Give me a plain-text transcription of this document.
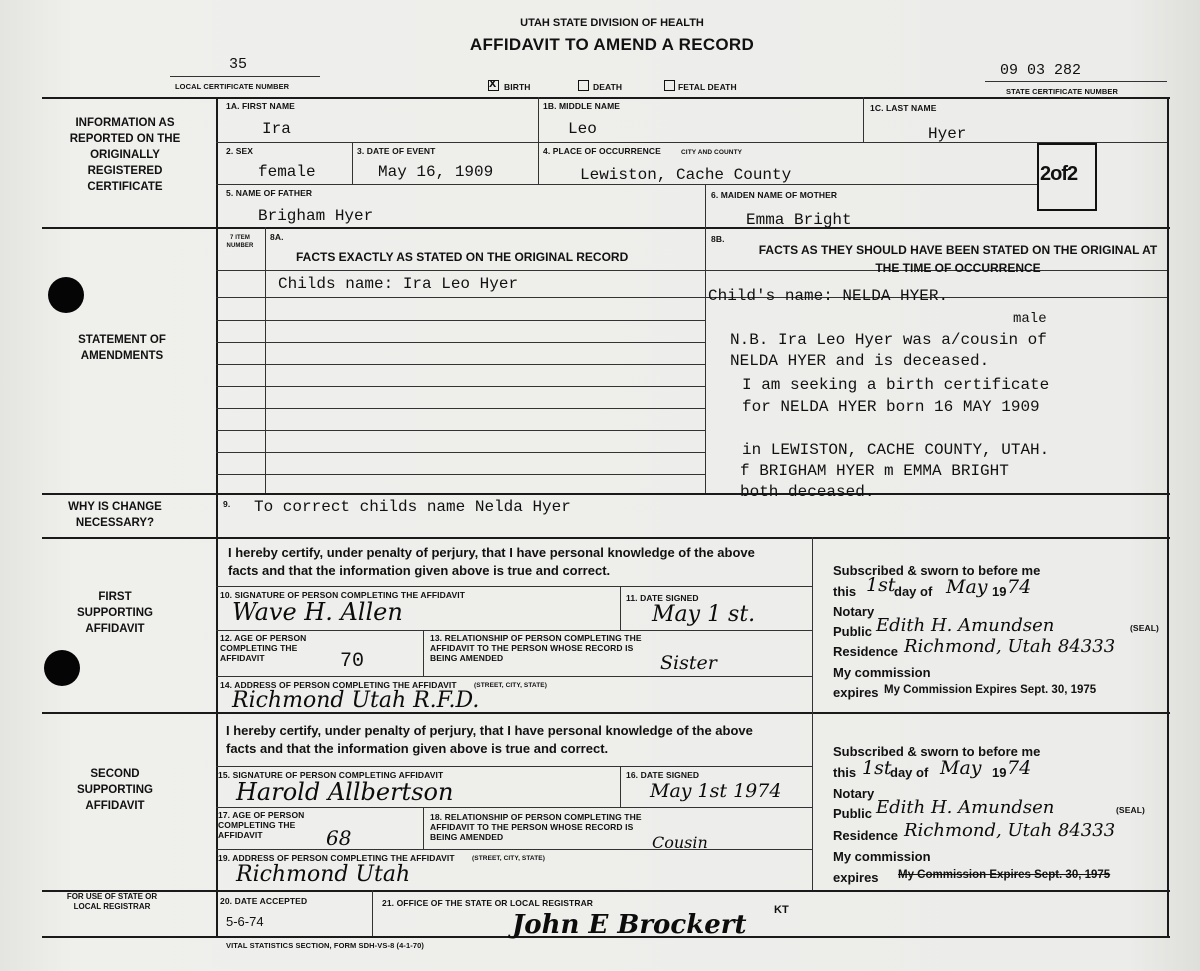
UTAH STATE DIVISION OF HEALTH
AFFIDAVIT TO AMEND A RECORD
35
LOCAL CERTIFICATE NUMBER	x BIRTH	DEATH	FETAL DEATH
09 03 282
STATE CERTIFICATE NUMBER
2of2
INFORMATION AS REPORTED ON THE ORIGINALLY REGISTERED CERTIFICATE
STATEMENT OF AMENDMENTS
WHY IS CHANGE NECESSARY?
FIRST SUPPORTING AFFIDAVIT
SECOND SUPPORTING AFFIDAVIT
FOR USE OF STATE OR LOCAL REGISTRAR
1A. FIRST NAME
Ira
1B. MIDDLE NAME
Leo
1C. LAST NAME
Hyer
2. SEX
female
3. DATE OF EVENT
May 16, 1909
4. PLACE OF OCCURRENCE	CITY AND COUNTY
Lewiston, Cache County
5. NAME OF FATHER
Brigham Hyer
6. MAIDEN NAME OF MOTHER
Emma Bright
7 ITEM NUMBER
8A.
FACTS EXACTLY AS STATED ON THE ORIGINAL RECORD
8B.
FACTS AS THEY SHOULD HAVE BEEN STATED ON THE ORIGINAL AT THE TIME OF OCCURRENCE
Childs name: Ira Leo Hyer
Child's name: NELDA HYER.
male
N.B. Ira Leo Hyer was a/cousin of
NELDA HYER and is deceased.
I am seeking a birth certificate
for NELDA HYER born 16 MAY 1909
in LEWISTON, CACHE COUNTY, UTAH.
f BRIGHAM HYER m EMMA BRIGHT
both deceased.
9. To correct childs name Nelda Hyer
I hereby certify, under penalty of perjury, that I have personal knowledge of the above facts and that the information given above is true and correct.
10. SIGNATURE OF PERSON COMPLETING THE AFFIDAVIT
Wave H. Allen	11. DATE SIGNED
May 1 st.
12. AGE OF PERSON COMPLETING THE AFFIDAVIT	70
13. RELATIONSHIP OF PERSON COMPLETING THE AFFIDAVIT TO THE PERSON WHOSE RECORD IS BEING AMENDED	Sister
14. ADDRESS OF PERSON COMPLETING THE AFFIDAVIT	(STREET, CITY, STATE)
Richmond Utah R.F.D.
Subscribed & sworn to before me
this 1st
day of May 19 74
Notary
Public Edith H. Amundsen	(SEAL)
Residence Richmond, Utah 84333
My commission
expires My Commission Expires Sept. 30, 1975
I hereby certify, under penalty of perjury, that I have personal knowledge of the above facts and that the information given above is true and correct.
15. SIGNATURE OF PERSON COMPLETING AFFIDAVIT
Harold Allbertson
16. DATE SIGNED
May 1st 1974
17. AGE OF PERSON COMPLETING THE AFFIDAVIT	68
18. RELATIONSHIP OF PERSON COMPLETING THE AFFIDAVIT TO THE PERSON WHOSE RECORD IS BEING AMENDED	Cousin
19. ADDRESS OF PERSON COMPLETING THE AFFIDAVIT	(STREET, CITY, STATE)
Richmond Utah
Subscribed & sworn to before me
this 1st
day of May 19 74
Notary
Public Edith H. Amundsen	(SEAL)
Residence Richmond, Utah 84333
My commission
expires My Commission Expires Sept. 30, 1975
20. DATE ACCEPTED
5-6-74
21. OFFICE OF THE STATE OR LOCAL REGISTRAR
John E Brockert	KT
VITAL STATISTICS SECTION, FORM SDH-VS-8 (4-1-70)
